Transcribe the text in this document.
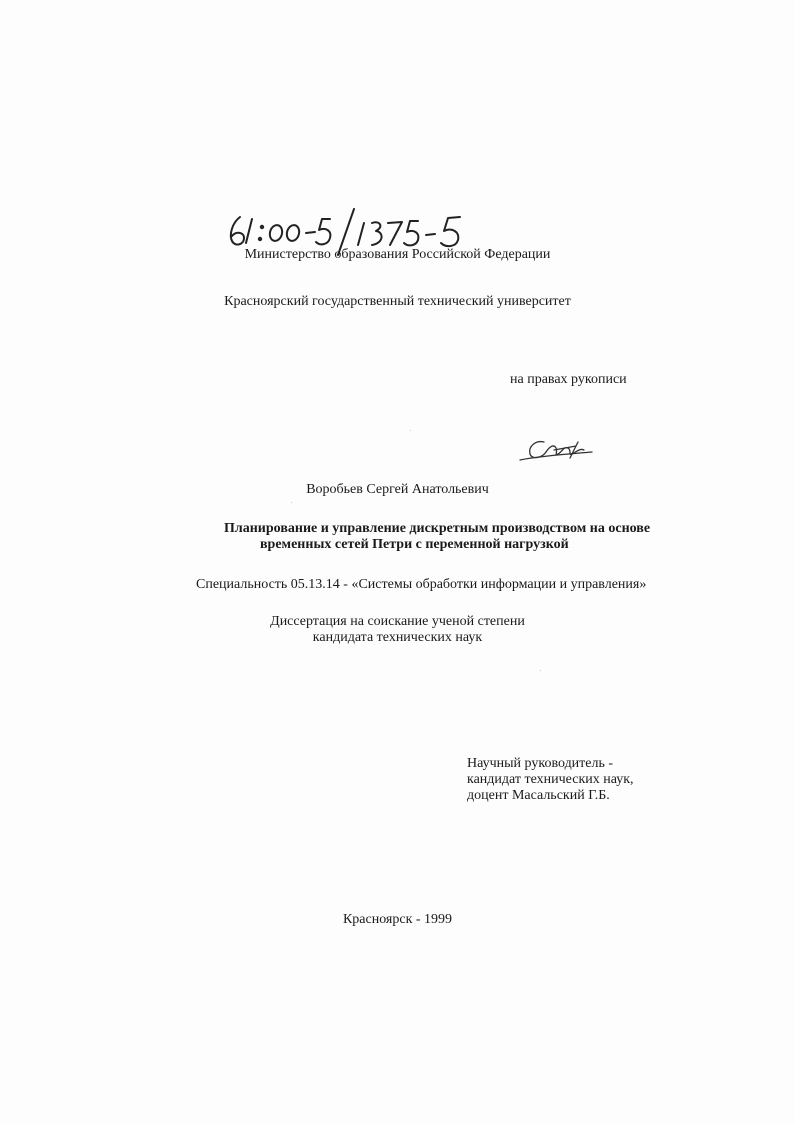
Министерство образования Российской Федерации
Красноярский государственный технический университет
на правах рукописи
Воробьев Сергей Анатольевич
Планирование и управление дискретным производством на основе
временных сетей Петри с переменной нагрузкой
Специальность 05.13.14 - «Системы обработки информации и управления»
Диссертация на соискание ученой степени
кандидата технических наук
Научный руководитель -
кандидат технических наук,
доцент Масальский Г.Б.
Красноярск - 1999
